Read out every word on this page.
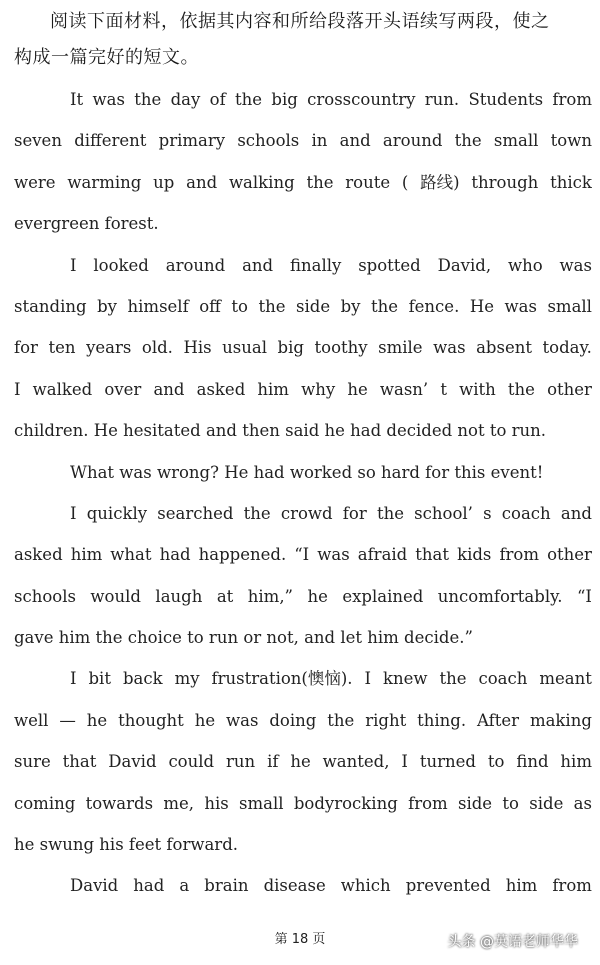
阅读下面材料，依据其内容和所给段落开头语续写两段，使之
构成一篇完好的短文。
It was the day of the big crosscountry run. Students from
seven different primary schools in and around the small town
were warming up and walking the route ( 路线) through thick
evergreen forest.
I looked around and finally spotted David, who was
standing by himself off to the side by the fence. He was small
for ten years old. His usual big toothy smile was absent today.
I walked over and asked him why he wasn’ t with the other
children. He hesitated and then said he had decided not to run.
What was wrong? He had worked so hard for this event!
I quickly searched the crowd for the school’ s coach and
asked him what had happened. “I was afraid that kids from other
schools would laugh at him,” he explained uncomfortably. “I
gave him the choice to run or not, and let him decide.”
I bit back my frustration(懊恼). I knew the coach meant
well — he thought he was doing the right thing. After making
sure that David could run if he wanted, I turned to find him
coming towards me, his small bodyrocking from side to side as
he swung his feet forward.
David had a brain disease which prevented him from
第 18 页	头条 @英语老师华华
